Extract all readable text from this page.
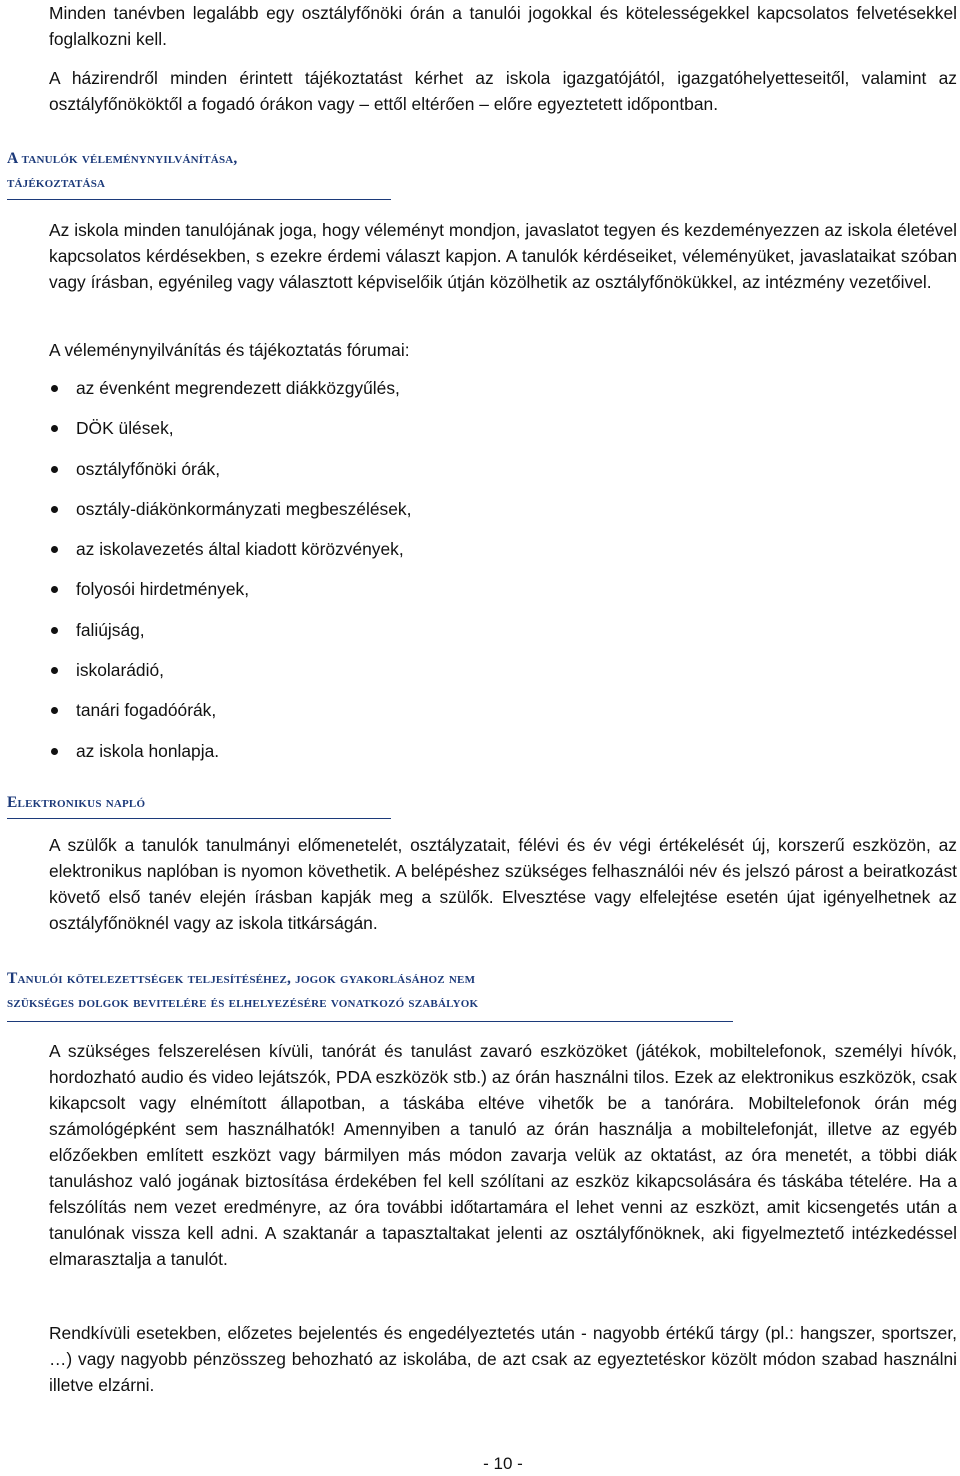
Minden tanévben legalább egy osztályfőnöki órán a tanulói jogokkal és kötelességekkel kapcsolatos felvetésekkel foglalkozni kell.

A házirendről minden érintett tájékoztatást kérhet az iskola igazgatójától, igazgatóhelyetteseitől, valamint az osztályfőnököktől a fogadó órákon vagy – ettől eltérően – előre egyeztetett időpontban.

A tanulók véleménynyilvánítása,
tájékoztatása

Az iskola minden tanulójának joga, hogy véleményt mondjon, javaslatot tegyen és kezdeményezzen az iskola életével kapcsolatos kérdésekben, s ezekre érdemi választ kapjon. A tanulók kérdéseiket, véleményüket, javaslataikat szóban vagy írásban, egyénileg vagy választott képviselőik útján közölhetik az osztályfőnökükkel, az intézmény vezetőivel.

A véleménynyilvánítás és tájékoztatás fórumai:

az évenként megrendezett diákközgyűlés,
DÖK ülések,
osztályfőnöki órák,
osztály-diákönkormányzati megbeszélések,
az iskolavezetés által kiadott körözvények,
folyosói hirdetmények,
faliújság,
iskolarádió,
tanári fogadóórák,
az iskola honlapja.
Elektronikus napló

A szülők a tanulók tanulmányi előmenetelét, osztályzatait, félévi és év végi értékelését új, korszerű eszközön, az elektronikus naplóban is nyomon követhetik. A belépéshez szükséges felhasználói név és jelszó párost a beiratkozást követő első tanév elején írásban kapják meg a szülők. Elvesztése vagy elfelejtése esetén újat igényelhetnek az osztályfőnöknél vagy az iskola titkárságán.

Tanulói kötelezettségek teljesítéséhez, jogok gyakorlásához nem
szükséges dolgok bevitelére és elhelyezésére vonatkozó szabályok

A szükséges felszerelésen kívüli, tanórát és tanulást zavaró eszközöket (játékok, mobiltelefonok, személyi hívók, hordozható audio és video lejátszók, PDA eszközök stb.) az órán használni tilos. Ezek az elektronikus eszközök, csak kikapcsolt vagy elnémított állapotban, a táskába eltéve vihetők be a tanórára. Mobiltelefonok órán még számológépként sem használhatók! Amennyiben a tanuló az órán használja a mobiltelefonját, illetve az egyéb előzőekben említett eszközt vagy bármilyen más módon zavarja velük az oktatást, az óra menetét, a többi diák tanuláshoz való jogának biztosítása érdekében fel kell szólítani az eszköz kikapcsolására és táskába tételére. Ha a felszólítás nem vezet eredményre, az óra további időtartamára el lehet venni az eszközt, amit kicsengetés után a tanulónak vissza kell adni. A szaktanár a tapasztaltakat jelenti az osztályfőnöknek, aki figyelmeztető intézkedéssel elmarasztalja a tanulót.

Rendkívüli esetekben, előzetes bejelentés és engedélyeztetés után - nagyobb értékű tárgy (pl.: hangszer, sportszer, …) vagy nagyobb pénzösszeg behozható az iskolába, de azt csak az egyeztetéskor közölt módon szabad használni illetve elzárni.

- 10 -
